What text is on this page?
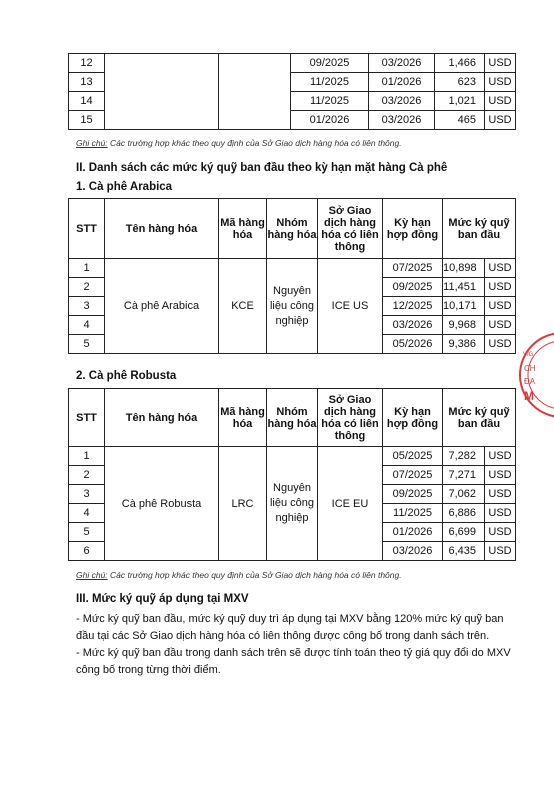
12			09/2025	03/2026	1,466	USD
13			11/2025	01/2026	623	USD
14			11/2025	03/2026	1,021	USD
15			01/2026	03/2026	465	USD
Ghi chú: Các trường hợp khác theo quy định của Sở Giao dịch hàng hóa có liên thông.
II. Danh sách các mức ký quỹ ban đầu theo kỳ hạn mặt hàng Cà phê
1. Cà phê Arabica
STT	Tên hàng hóa	Mã hàng hóa	Nhóm hàng hóa	Sở Giao dịch hàng hóa có liên thông	Kỳ hạn hợp đồng	Mức ký quỹ ban đầu	
1	Cà phê Arabica	KCE	Nguyên liệu công nghiệp	ICE US	07/2025	10,898	USD
2					09/2025	11,451	USD
3					12/2025	10,171	USD
4					03/2026	9,968	USD
5					05/2026	9,386	USD
2. Cà phê Robusta
STT	Tên hàng hóa	Mã hàng hóa	Nhóm hàng hóa	Sở Giao dịch hàng hóa có liên thông	Kỳ hạn hợp đồng	Mức ký quỹ ban đầu	
1	Cà phê Robusta	LRC	Nguyên liệu công nghiệp	ICE EU	05/2025	7,282	USD
2					07/2025	7,271	USD
3					09/2025	7,062	USD
4					11/2025	6,886	USD
5					01/2026	6,699	USD
6					03/2026	6,435	USD
Ghi chú: Các trường hợp khác theo quy định của Sở Giao dịch hàng hóa có liên thông.
III. Mức ký quỹ áp dụng tại MXV
- Mức ký quỹ ban đầu, mức ký quỹ duy trì áp dụng tại MXV bằng 120% mức ký quỹ ban đầu tại các Sở Giao dịch hàng hóa có liên thông được công bố trong danh sách trên.
- Mức ký quỹ ban đầu trong danh sách trên sẽ được tính toán theo tỷ giá quy đổi do MXV công bố trong từng thời điểm.
V/G
CH
ĐA
M
